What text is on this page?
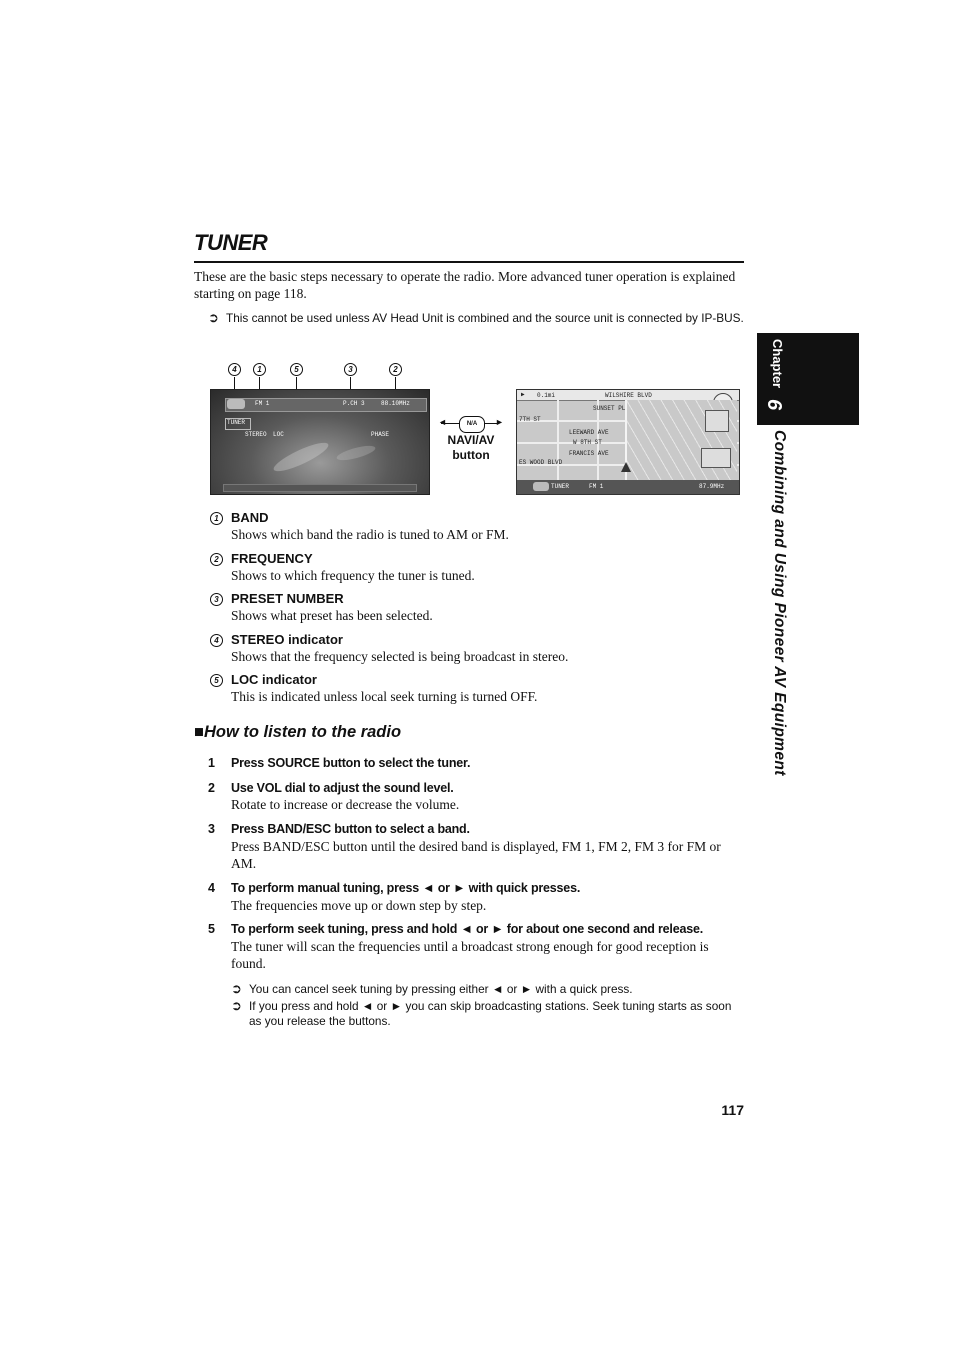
TUNER
These are the basic steps necessary to operate the radio. More advanced tuner operation is explained starting on page 118.
➲ This cannot be used unless AV Head Unit is combined and the source unit is connected by IP-BUS.
4	1	5	3	2
FM 1	P.CH 3	88.10MHz
TUNER
STEREO LOC	PHASE
◄	►
N/A
NAVI/AV
button
▶ 0.1mi	WILSHIRE BLVD
SUNSET PL
7TH ST
LEEWARD AVE
W 8TH ST
FRANCIS AVE
ES WOOD BLVD
TUNER	FM 1	87.9MHz
1 BAND
Shows which band the radio is tuned to AM or FM.
2 FREQUENCY
Shows to which frequency the tuner is tuned.
3 PRESET NUMBER
Shows what preset has been selected.
4 STEREO indicator
Shows that the frequency selected is being broadcast in stereo.
5 LOC indicator
This is indicated unless local seek turning is turned OFF.
■How to listen to the radio
1 Press SOURCE button to select the tuner.
2 Use VOL dial to adjust the sound level.
Rotate to increase or decrease the volume.
3 Press BAND/ESC button to select a band.
Press BAND/ESC button until the desired band is displayed, FM 1, FM 2, FM 3 for FM or AM.
4 To perform manual tuning, press ◄ or ► with quick presses.
The frequencies move up or down step by step.
5 To perform seek tuning, press and hold ◄ or ► for about one second and release.
The tuner will scan the frequencies until a broadcast strong enough for good reception is found.
➲ You can cancel seek tuning by pressing either ◄ or ► with a quick press.
➲ If you press and hold ◄ or ► you can skip broadcasting stations. Seek tuning starts as soon as you release the buttons.
Chapter
6
Combining and Using Pioneer AV Equipment
117
